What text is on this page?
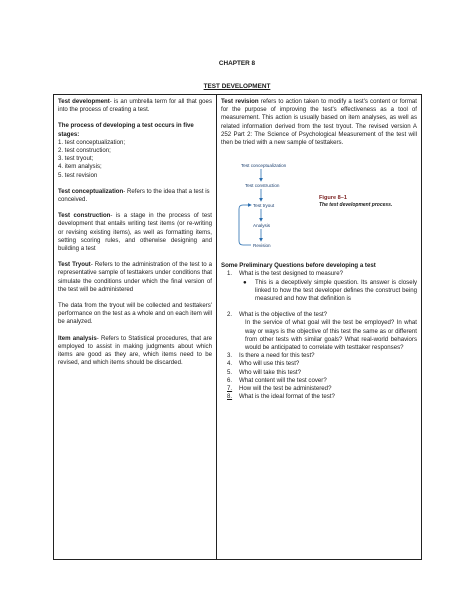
CHAPTER 8
TEST DEVELOPMENT

Test development- is an umbrella term for all that goes into the process of creating a test.

The process of developing a test occurs in five stages:

1. test conceptualization;

2. test construction;

3. test tryout;

4. item analysis;

5. test revision

Test conceptualization- Refers to the idea that a test is conceived.

Test construction- is a stage in the process of test development that entails writing test items (or re-writing or revising existing items), as well as formatting items, setting scoring rules, and otherwise designing and building a test

Test Tryout- Refers to the administration of the test to a representative sample of testtakers under conditions that simulate the conditions under which the final version of the test will be administered

The data from the tryout will be collected and testtakers' performance on the test as a whole and on each item will be analyzed.

Item analysis- Refers to Statistical procedures, that are employed to assist in making judgments about which items are good as they are, which items need to be revised, and which items should be discarded.

Test revision refers to action taken to modify a test's content or format for the purpose of improving the test's effectiveness as a tool of measurement. This action is usually based on item analyses, as well as related information derived from the test tryout. The revised version A 252 Part 2: The Science of Psychological Measurement of the test will then be tried with a new sample of testtakers.

Test conceptualization
Test construction
Test tryout
Analysis
Revision
Figure 8–1
The test development process.

Some Preliminary Questions before developing a test

1.	What is the test designed to measure?
●	This is a deceptively simple question. Its answer is closely linked to how the test developer defines the construct being measured and how that definition is
2.	What is the objective of the test?

In the service of what goal will the test be employed? In what way or ways is the objective of this test the same as or different from other tests with similar goals? What real-world behaviors would be anticipated to correlate with testtaker responses?

3.	Is there a need for this test?
4.	Who will use this test?
5.	Who will take this test?
6.	What content will the test cover?
7.	How will the test be administered?
8.	What is the ideal format of the test?
